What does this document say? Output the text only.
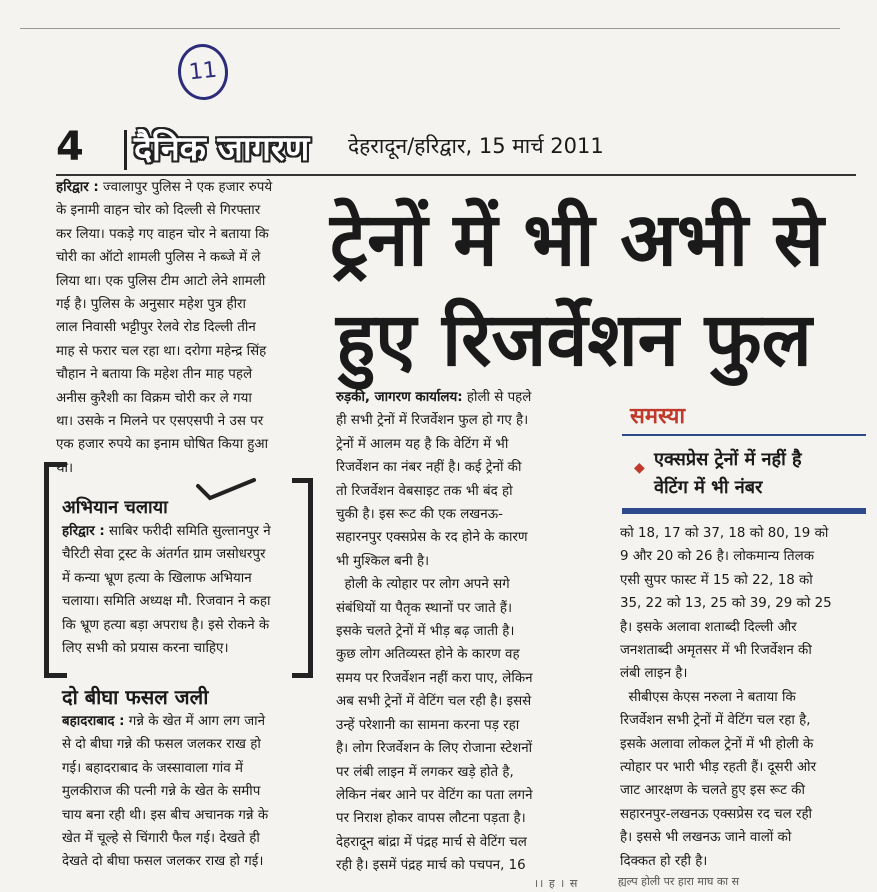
11
4 दैनिक जागरण देहरादून/हरिद्वार, 15 मार्च 2011
हरिद्वार : ज्वालापुर पुलिस ने एक हजार रुपये
के इनामी वाहन चोर को दिल्ली से गिरफ्तार
कर लिया। पकड़े गए वाहन चोर ने बताया कि
चोरी का ऑटो शामली पुलिस ने कब्जे में ले
लिया था। एक पुलिस टीम आटो लेने शामली
गई है। पुलिस के अनुसार महेश पुत्र हीरा
लाल निवासी भट्टीपुर रेलवे रोड दिल्ली तीन
माह से फरार चल रहा था। दरोगा महेन्द्र सिंह
चौहान ने बताया कि महेश तीन माह पहले
अनीस कुरैशी का विक्रम चोरी कर ले गया
था। उसके न मिलने पर एसएसपी ने उस पर
एक हजार रुपये का इनाम घोषित किया हुआ
था।
अभियान चलाया
हरिद्वार : साबिर फरीदी समिति सुल्तानपुर ने
चैरिटी सेवा ट्रस्ट के अंतर्गत ग्राम जसोधरपुर
में कन्या भ्रूण हत्या के खिलाफ अभियान
चलाया। समिति अध्यक्ष मौ. रिजवान ने कहा
कि भ्रूण हत्या बड़ा अपराध है। इसे रोकने के
लिए सभी को प्रयास करना चाहिए।
दो बीघा फसल जली
बहादराबाद : गन्ने के खेत में आग लग जाने
से दो बीघा गन्ने की फसल जलकर राख हो
गई। बहादराबाद के जस्सावाला गांव में
मुलकीराज की पत्नी गन्ने के खेत के समीप
चाय बना रही थी। इस बीच अचानक गन्ने के
खेत में चूल्हे से चिंगारी फैल गई। देखते ही
देखते दो बीघा फसल जलकर राख हो गई।
ट्रेनों में भी अभी से
हुए रिजर्वेशन फुल
रुड़की, जागरण कार्यालय: होली से पहले
ही सभी ट्रेनों में रिजर्वेशन फुल हो गए है।
ट्रेनों में आलम यह है कि वेटिंग में भी
रिजर्वेशन का नंबर नहीं है। कई ट्रेनों की
तो रिजर्वेशन वेबसाइट तक भी बंद हो
चुकी है। इस रूट की एक लखनऊ-
सहारनपुर एक्सप्रेस के रद होने के कारण
भी मुश्किल बनी है।
होली के त्योहार पर लोग अपने सगे
संबंधियों या पैतृक स्थानों पर जाते हैं।
इसके चलते ट्रेनों में भीड़ बढ़ जाती है।
कुछ लोग अतिव्यस्त होने के कारण वह
समय पर रिजर्वेशन नहीं करा पाए, लेकिन
अब सभी ट्रेनों में वेटिंग चल रही है। इससे
उन्हें परेशानी का सामना करना पड़ रहा
है। लोग रिजर्वेशन के लिए रोजाना स्टेशनों
पर लंबी लाइन में लगकर खड़े होते है,
लेकिन नंबर आने पर वेटिंग का पता लगने
पर निराश होकर वापस लौटना पड़ता है।
देहरादून बांद्रा में पंद्रह मार्च से वेटिंग चल
रही है। इसमें पंद्रह मार्च को पचपन, 16
समस्या
◆ एक्सप्रेस ट्रेनों में नहीं है
वेटिंग में भी नंबर
को 18, 17 को 37, 18 को 80, 19 को
9 और 20 को 26 है। लोकमान्य तिलक
एसी सुपर फास्ट में 15 को 22, 18 को
35, 22 को 13, 25 को 39, 29 को 25
है। इसके अलावा शताब्दी दिल्ली और
जनशताब्दी अमृतसर में भी रिजर्वेशन की
लंबी लाइन है।
सीबीएस केएस नरुला ने बताया कि
रिजर्वेशन सभी ट्रेनों में वेटिंग चल रहा है,
इसके अलावा लोकल ट्रेनों में भी होली के
त्योहार पर भारी भीड़ रहती हैं। दूसरी ओर
जाट आरक्षण के चलते हुए इस रूट की
सहारनपुर-लखनऊ एक्सप्रेस रद चल रही
है। इससे भी लखनऊ जाने वालों को
दिक्कत हो रही है।
।। ह । स	ह्यल्प होली पर हारा माघ का स
